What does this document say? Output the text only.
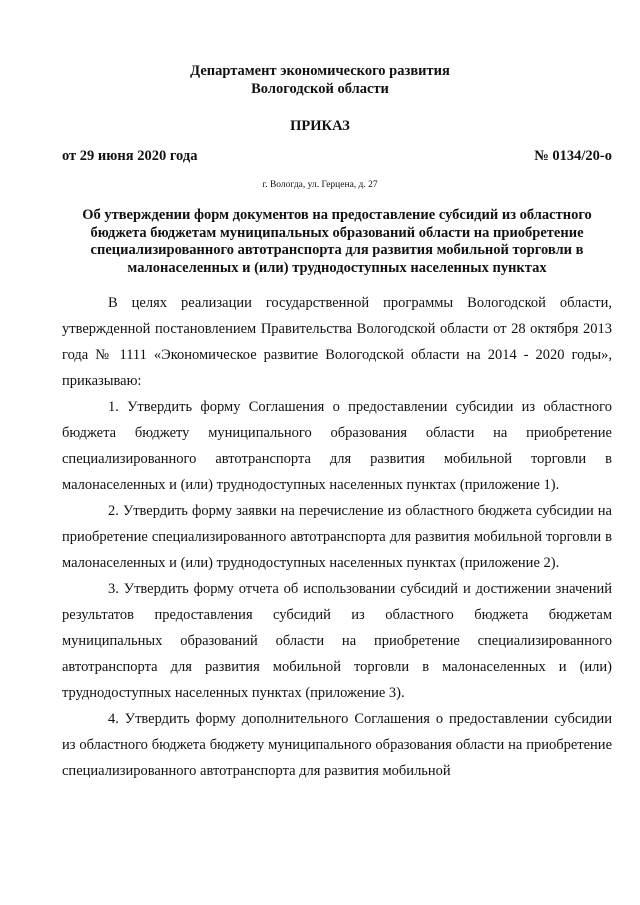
Департамент экономического развития
Вологодской области
ПРИКАЗ
от 29 июня 2020 года	№ 0134/20-о
г. Вологда, ул. Герцена, д. 27
Об утверждении форм документов на предоставление субсидий из областного бюджета бюджетам муниципальных образований области на приобретение специализированного автотранспорта для развития мобильной торговли в малонаселенных и (или) труднодоступных населенных пунктах

В целях реализации государственной программы Вологодской области, утвержденной постановлением Правительства Вологодской области от 28 октября 2013 года № 1111 «Экономическое развитие Вологодской области на 2014 - 2020 годы», приказываю:

1. Утвердить форму Соглашения о предоставлении субсидии из областного бюджета бюджету муниципального образования области на приобретение специализированного автотранспорта для развития мобильной торговли в малонаселенных и (или) труднодоступных населенных пунктах (приложение 1).

2. Утвердить форму заявки на перечисление из областного бюджета субсидии на приобретение специализированного автотранспорта для развития мобильной торговли в малонаселенных и (или) труднодоступных населенных пунктах (приложение 2).

3. Утвердить форму отчета об использовании субсидий и достижении значений результатов предоставления субсидий из областного бюджета бюджетам муниципальных образований области на приобретение специализированного автотранспорта для развития мобильной торговли в малонаселенных и (или) труднодоступных населенных пунктах (приложение 3).

4. Утвердить форму дополнительного Соглашения о предоставлении субсидии из областного бюджета бюджету муниципального образования области на приобретение специализированного автотранспорта для развития мобильной
